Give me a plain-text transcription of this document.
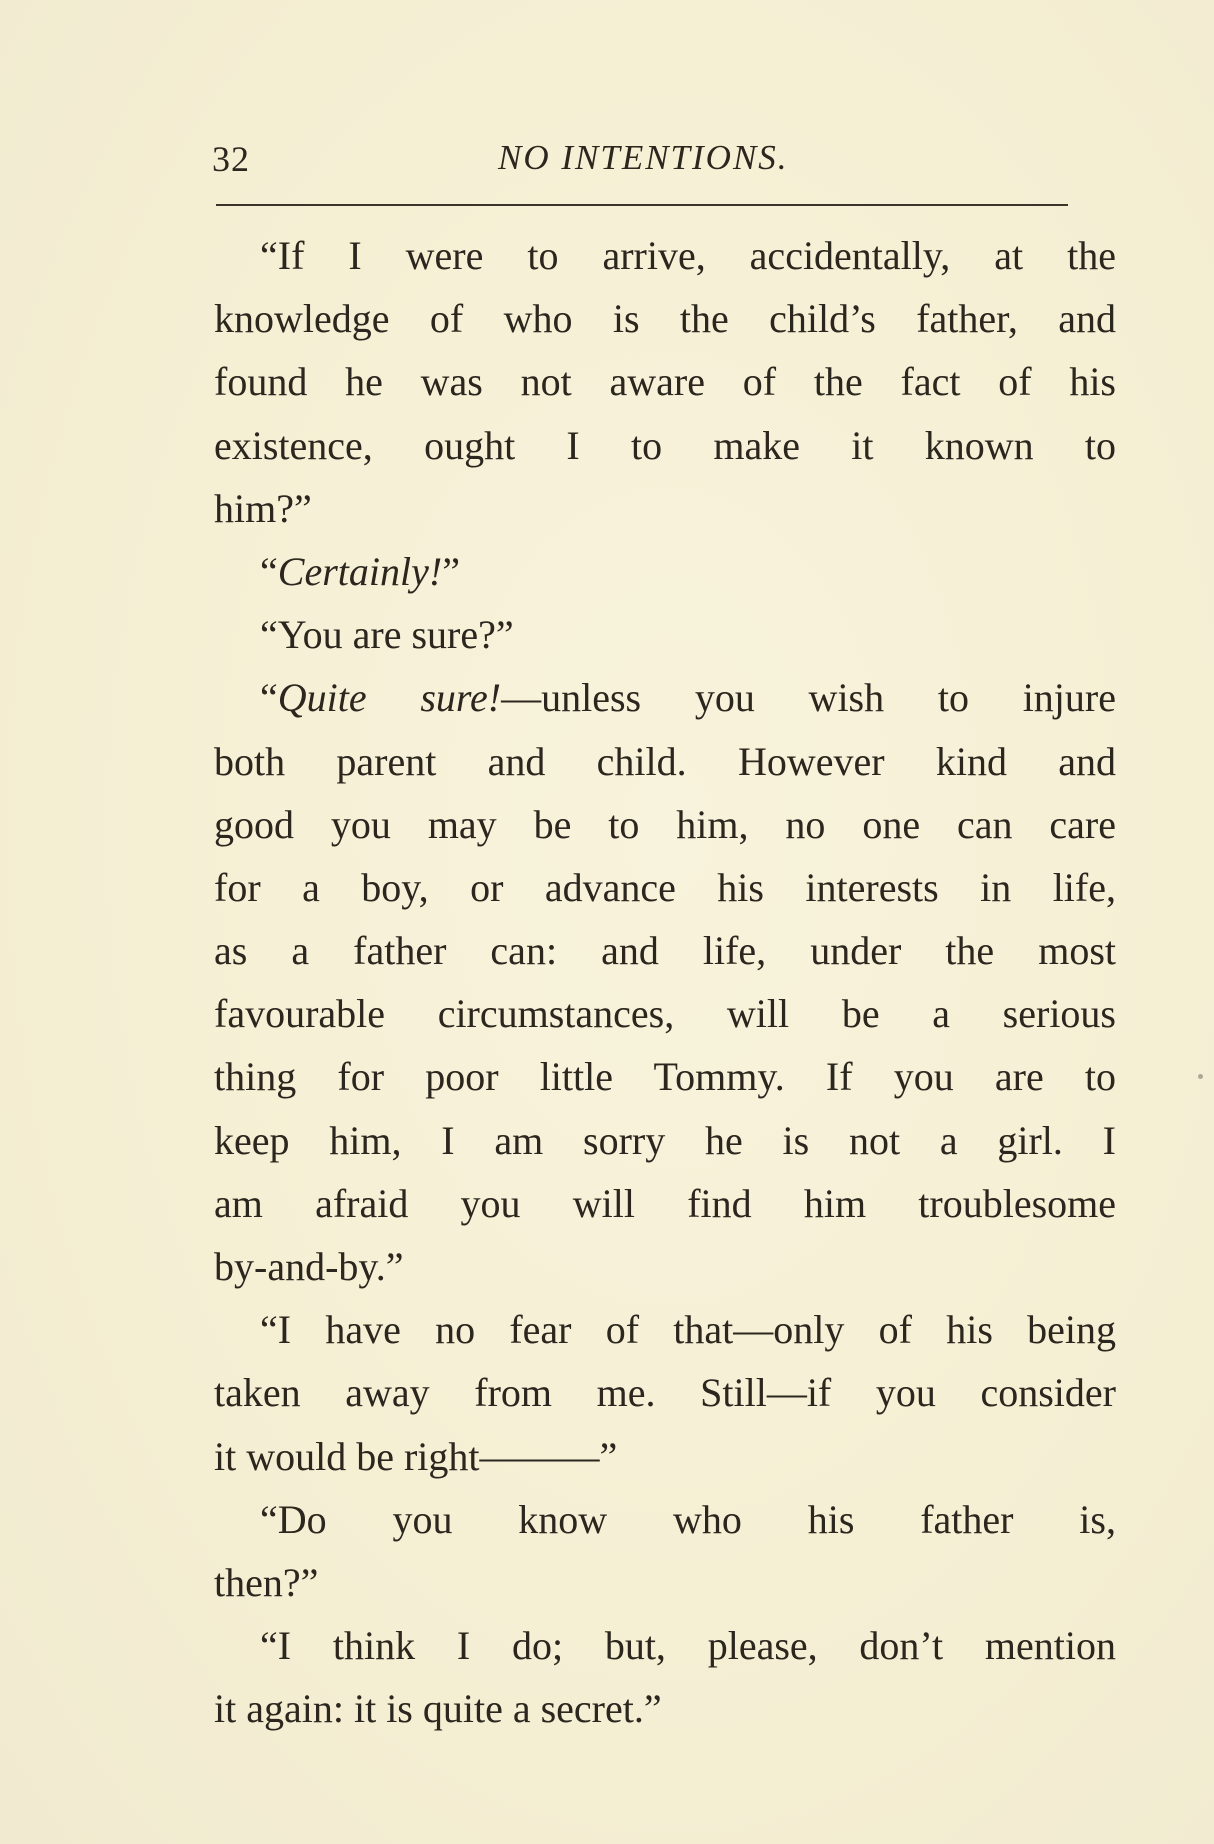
32	NO INTENTIONS.
“If I were to arrive, accidentally, at the
knowledge of who is the child’s father, and
found he was not aware of the fact of his
existence, ought I to make it known to
him?”
“Certainly!”
“You are sure?”
“Quite sure!—unless you wish to injure
both parent and child. However kind and
good you may be to him, no one can care
for a boy, or advance his interests in life,
as a father can: and life, under the most
favourable circumstances, will be a serious
thing for poor little Tommy. If you are to
keep him, I am sorry he is not a girl. I
am afraid you will find him troublesome
by-and-by.”
“I have no fear of that—only of his being
taken away from me. Still—if you consider
it would be right———”
“Do you know who his father is,
then?”
“I think I do; but, please, don’t mention
it again: it is quite a secret.”
